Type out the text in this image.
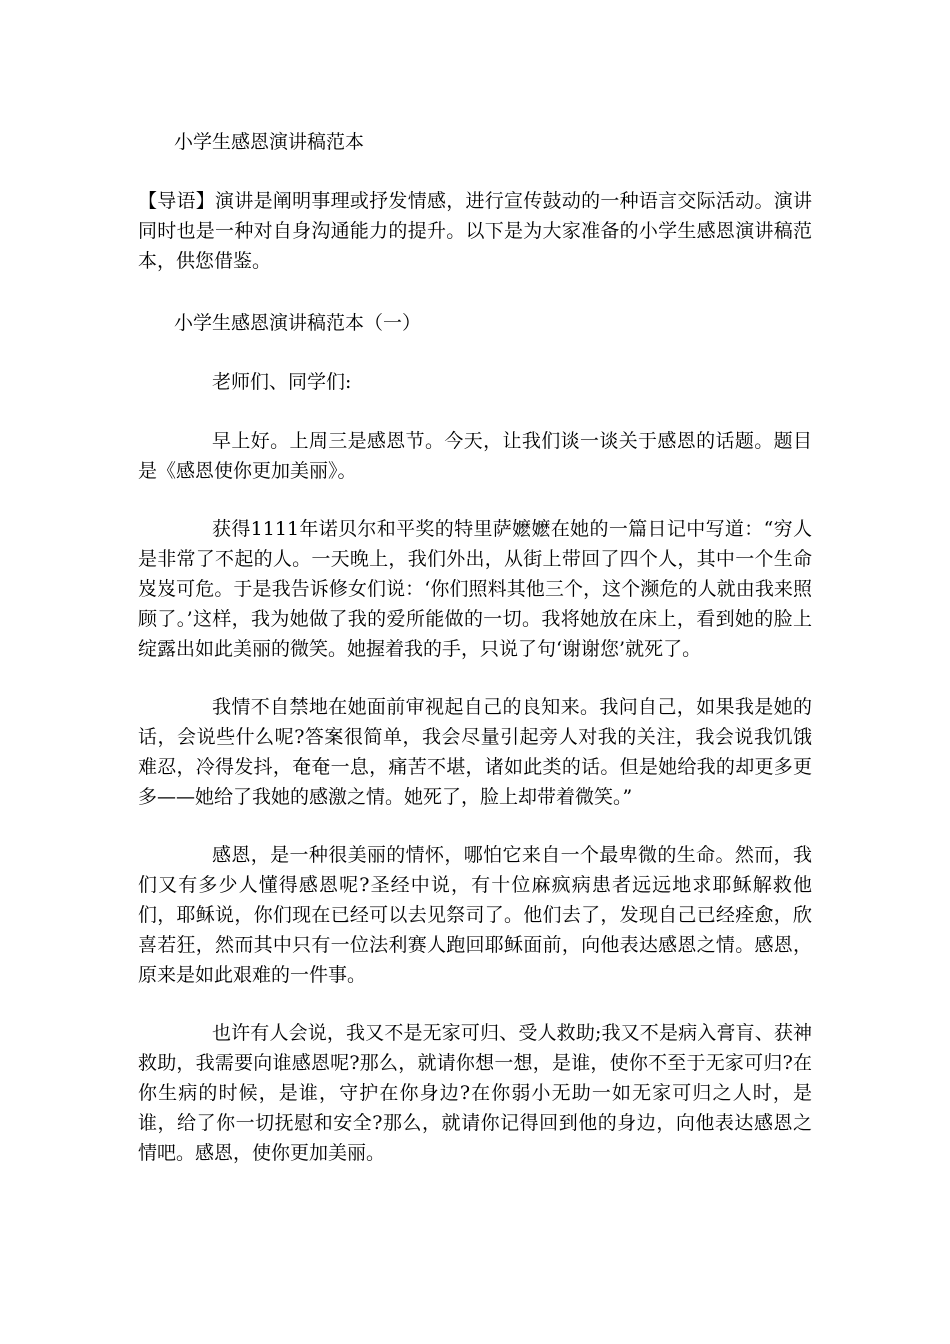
小学生感恩演讲稿范本

【导语】演讲是阐明事理或抒发情感，进行宣传鼓动的一种语言交际活动。演讲同时也是一种对自身沟通能力的提升。以下是为大家准备的小学生感恩演讲稿范本，供您借鉴。

小学生感恩演讲稿范本（一）

老师们、同学们:

早上好。上周三是感恩节。今天，让我们谈一谈关于感恩的话题。题目是《感恩使你更加美丽》。

获得1111年诺贝尔和平奖的特里萨嬷嬷在她的一篇日记中写道：“穷人是非常了不起的人。一天晚上，我们外出，从街上带回了四个人，其中一个生命岌岌可危。于是我告诉修女们说：‘你们照料其他三个，这个濒危的人就由我来照顾了。’这样，我为她做了我的爱所能做的一切。我将她放在床上，看到她的脸上绽露出如此美丽的微笑。她握着我的手，只说了句‘谢谢您’就死了。

我情不自禁地在她面前审视起自己的良知来。我问自己，如果我是她的话，会说些什么呢?答案很简单，我会尽量引起旁人对我的关注，我会说我饥饿难忍，冷得发抖，奄奄一息，痛苦不堪，诸如此类的话。但是她给我的却更多更多——她给了我她的感激之情。她死了，脸上却带着微笑。”

感恩，是一种很美丽的情怀，哪怕它来自一个最卑微的生命。然而，我们又有多少人懂得感恩呢?圣经中说，有十位麻疯病患者远远地求耶稣解救他们，耶稣说，你们现在已经可以去见祭司了。他们去了，发现自己已经痊愈，欣喜若狂，然而其中只有一位法利赛人跑回耶稣面前，向他表达感恩之情。感恩，原来是如此艰难的一件事。

也许有人会说，我又不是无家可归、受人救助;我又不是病入膏肓、获神救助，我需要向谁感恩呢?那么，就请你想一想，是谁，使你不至于无家可归?在你生病的时候，是谁，守护在你身边?在你弱小无助一如无家可归之人时，是谁，给了你一切抚慰和安全?那么，就请你记得回到他的身边，向他表达感恩之情吧。感恩，使你更加美丽。
